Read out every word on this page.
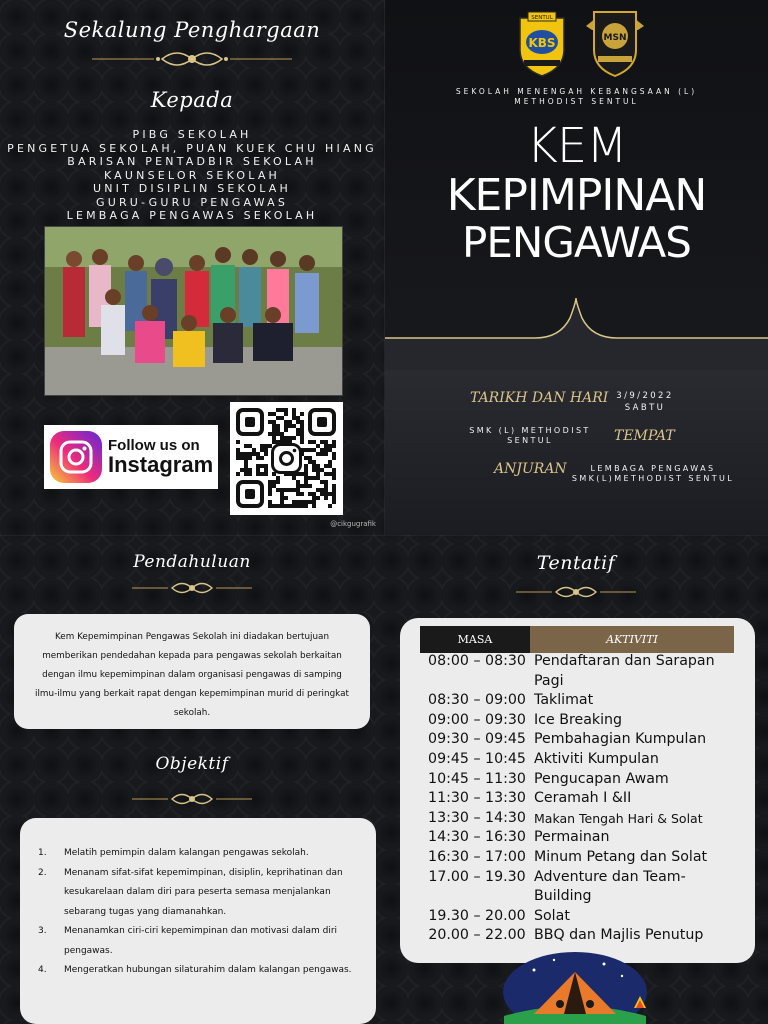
Sekalung Penghargaan
Kepada
PIBG SEKOLAH
PENGETUA SEKOLAH, PUAN KUEK CHU HIANG
BARISAN PENTADBIR SEKOLAH
KAUNSELOR SEKOLAH
UNIT DISIPLIN SEKOLAH
GURU-GURU PENGAWAS
LEMBAGA PENGAWAS SEKOLAH
Follow us on
Instagram
@cikgugrafik
SENTUL
KBS	MSN
SEKOLAH MENENGAH KEBANGSAAN (L)
METHODIST SENTUL
KEM
KEPIMPINAN
PENGAWAS
TARIKH DAN HARI 3/9/2022
SABTU
SMK (L) METHODIST
SENTUL	TEMPAT
ANJURAN	LEMBAGA PENGAWAS
SMK(L)METHODIST SENTUL
Pendahuluan

Kem Kepemimpinan Pengawas Sekolah ini diadakan bertujuan memberikan pendedahan kepada para pengawas sekolah berkaitan dengan ilmu kepemimpinan dalam organisasi pengawas di samping ilmu-ilmu yang berkait rapat dengan kepemimpinan murid di peringkat sekolah.

Objektif
1.	Melatih pemimpin dalam kalangan pengawas sekolah.
2.	Menanam sifat-sifat kepemimpinan, disiplin, keprihatinan dan kesukarelaan dalam diri para peserta semasa menjalankan sebarang tugas yang diamanahkan.
3.	Menanamkan ciri-ciri kepemimpinan dan motivasi dalam diri pengawas.
4.	Mengeratkan hubungan silaturahim dalam kalangan pengawas.
Tentatif
MASA	AKTIVITI
08:00 – 08:30 Pendaftaran dan Sarapan Pagi
08:30 – 09:00 Taklimat
09:00 – 09:30 Ice Breaking
09:30 – 09:45 Pembahagian Kumpulan
09:45 – 10:45 Aktiviti Kumpulan
10:45 – 11:30 Pengucapan Awam
11:30 – 13:30 Ceramah I &II
13:30 – 14:30 Makan Tengah Hari & Solat
14:30 – 16:30 Permainan
16:30 – 17:00 Minum Petang dan Solat
17.00 – 19.30 Adventure dan Team-Building
19.30 – 20.00 Solat
20.00 – 22.00 BBQ dan Majlis Penutup
